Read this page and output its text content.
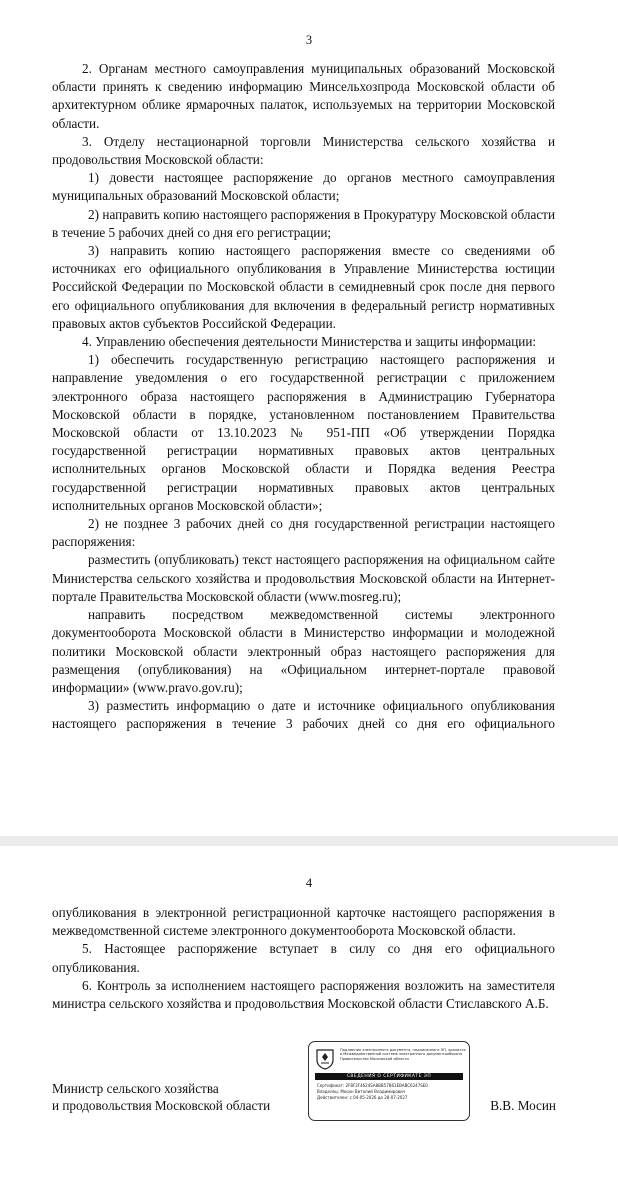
3

2. Органам местного самоуправления муниципальных образований Московской области принять к сведению информацию Минсельхозпрода Московской области об архитектурном облике ярмарочных палаток, используемых на территории Московской области.

3. Отделу нестационарной торговли Министерства сельского хозяйства и продовольствия Московской области:

1) довести настоящее распоряжение до органов местного самоуправления муниципальных образований Московской области;

2) направить копию настоящего распоряжения в Прокуратуру Московской области в течение 5 рабочих дней со дня его регистрации;

3) направить копию настоящего распоряжения вместе со сведениями об источниках его официального опубликования в Управление Министерства юстиции Российской Федерации по Московской области в семидневный срок после дня первого его официального опубликования для включения в федеральный регистр нормативных правовых актов субъектов Российской Федерации.

4. Управлению обеспечения деятельности Министерства и защиты информации:

1) обеспечить государственную регистрацию настоящего распоряжения и направление уведомления о его государственной регистрации с приложением электронного образа настоящего распоряжения в Администрацию Губернатора Московской области в порядке, установленном постановлением Правительства Московской области от 13.10.2023 № 951-ПП «Об утверждении Порядка государственной регистрации нормативных правовых актов центральных исполнительных органов Московской области и Порядка ведения Реестра государственной регистрации нормативных правовых актов центральных исполнительных органов Московской области»;

2) не позднее 3 рабочих дней со дня государственной регистрации настоящего распоряжения:

разместить (опубликовать) текст настоящего распоряжения на официальном сайте Министерства сельского хозяйства и продовольствия Московской области на Интернет-портале Правительства Московской области (www.mosreg.ru);

направить посредством межведомственной системы электронного документооборота Московской области в Министерство информации и молодежной политики Московской области электронный образ настоящего распоряжения для размещения (опубликования) на «Официальном интернет-портале правовой информации» (www.pravo.gov.ru);

3) разместить информацию о дате и источнике официального опубликования настоящего распоряжения в течение 3 рабочих дней со дня его официального

4

опубликования в электронной регистрационной карточке настоящего распоряжения в межведомственной системе электронного документооборота Московской области.

5. Настоящее распоряжение вступает в силу со дня его официального опубликования.

6. Контроль за исполнением настоящего распоряжения возложить на заместителя министра сельского хозяйства и продовольствия Московской области Стиславского А.Б.

Подлинник электронного документа, подписанного ЭП, хранится в Межведомственной системе электронного документооборота Правительства Московской области
СВЕДЕНИЯ О СЕРТИФИКАТЕ ЭП
Сертификат: 2F8F2F4624SA8BB57B61EBABC6247SE0
Владелец: Мосин Виталий Владимирович
Действителен: с 04-05-2026 до 28-07-2027
Министр сельского хозяйства
и продовольствия Московской области	В.В. Мосин
